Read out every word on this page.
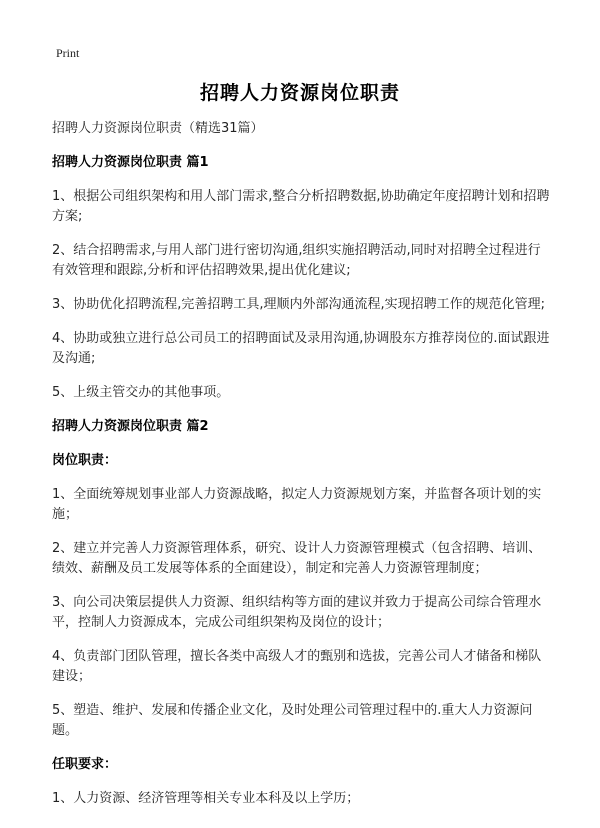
Print
招聘人力资源岗位职责
招聘人力资源岗位职责（精选31篇）
招聘人力资源岗位职责 篇1
1、根据公司组织架构和用人部门需求,整合分析招聘数据,协助确定年度招聘计划和招聘方案;
2、结合招聘需求,与用人部门进行密切沟通,组织实施招聘活动,同时对招聘全过程进行有效管理和跟踪,分析和评估招聘效果,提出优化建议;
3、协助优化招聘流程,完善招聘工具,理顺内外部沟通流程,实现招聘工作的规范化管理;
4、协助或独立进行总公司员工的招聘面试及录用沟通,协调股东方推荐岗位的.面试跟进及沟通;
5、上级主管交办的其他事项。
招聘人力资源岗位职责 篇2
岗位职责：
1、全面统筹规划事业部人力资源战略，拟定人力资源规划方案，并监督各项计划的实施；
2、建立并完善人力资源管理体系，研究、设计人力资源管理模式（包含招聘、培训、绩效、薪酬及员工发展等体系的全面建设），制定和完善人力资源管理制度；
3、向公司决策层提供人力资源、组织结构等方面的建议并致力于提高公司综合管理水平，控制人力资源成本，完成公司组织架构及岗位的设计；
4、负责部门团队管理，擅长各类中高级人才的甄别和选拔，完善公司人才储备和梯队建设；
5、塑造、维护、发展和传播企业文化，及时处理公司管理过程中的.重大人力资源问题。
任职要求：
1、人力资源、经济管理等相关专业本科及以上学历；
